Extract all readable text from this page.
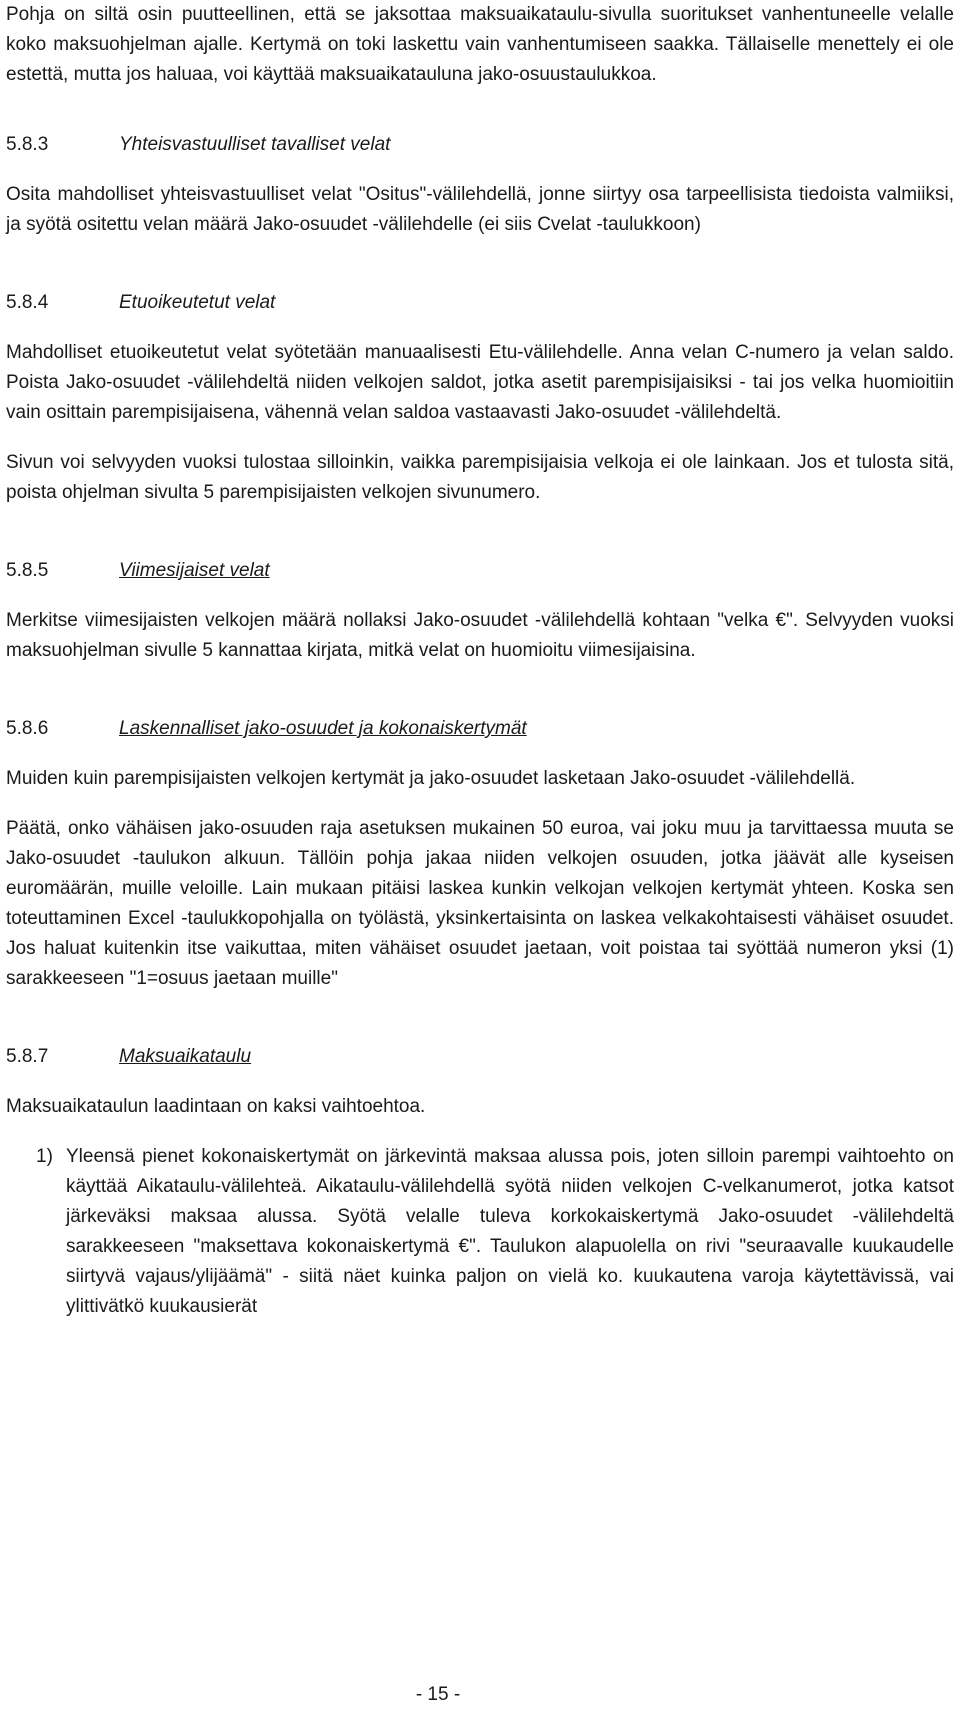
Pohja on siltä osin puutteellinen, että se jaksottaa maksuaikataulu-sivulla suoritukset vanhentuneelle velalle koko maksuohjelman ajalle. Kertymä on toki laskettu vain vanhentumiseen saakka. Tällaiselle menettely ei ole estettä, mutta jos haluaa, voi käyttää maksuaikatauluna jako-osuustaulukkoa.

5.8.3	Yhteisvastuulliset tavalliset velat

Osita mahdolliset yhteisvastuulliset velat "Ositus"-välilehdellä, jonne siirtyy osa tarpeellisista tiedoista valmiiksi, ja syötä ositettu velan määrä Jako-osuudet -välilehdelle (ei siis Cvelat -taulukkoon)

5.8.4	Etuoikeutetut velat

Mahdolliset etuoikeutetut velat syötetään manuaalisesti Etu-välilehdelle. Anna velan C-numero ja velan saldo. Poista Jako-osuudet -välilehdeltä niiden velkojen saldot, jotka asetit parempisijaisiksi - tai jos velka huomioitiin vain osittain parempisijaisena, vähennä velan saldoa vastaavasti Jako-osuudet -välilehdeltä.

Sivun voi selvyyden vuoksi tulostaa silloinkin, vaikka parempisijaisia velkoja ei ole lainkaan. Jos et tulosta sitä, poista ohjelman sivulta 5 parempisijaisten velkojen sivunumero.

5.8.5	Viimesijaiset velat

Merkitse viimesijaisten velkojen määrä nollaksi Jako-osuudet -välilehdellä kohtaan "velka €". Selvyyden vuoksi maksuohjelman sivulle 5 kannattaa kirjata, mitkä velat on huomioitu viimesijaisina.

5.8.6	Laskennalliset jako-osuudet ja kokonaiskertymät

Muiden kuin parempisijaisten velkojen kertymät ja jako-osuudet lasketaan Jako-osuudet -välilehdellä.

Päätä, onko vähäisen jako-osuuden raja asetuksen mukainen 50 euroa, vai joku muu ja tarvittaessa muuta se Jako-osuudet -taulukon alkuun. Tällöin pohja jakaa niiden velkojen osuuden, jotka jäävät alle kyseisen euromäärän, muille veloille. Lain mukaan pitäisi laskea kunkin velkojan velkojen kertymät yhteen. Koska sen toteuttaminen Excel -taulukkopohjalla on työlästä, yksinkertaisinta on laskea velkakohtaisesti vähäiset osuudet. Jos haluat kuitenkin itse vaikuttaa, miten vähäiset osuudet jaetaan, voit poistaa tai syöttää numeron yksi (1) sarakkeeseen "1=osuus jaetaan muille"

5.8.7	Maksuaikataulu

Maksuaikataulun laadintaan on kaksi vaihtoehtoa.

1) Yleensä pienet kokonaiskertymät on järkevintä maksaa alussa pois, joten silloin parempi vaihtoehto on käyttää Aikataulu-välilehteä. Aikataulu-välilehdellä syötä niiden velkojen C-velkanumerot, jotka katsot järkeväksi maksaa alussa. Syötä velalle tuleva korkokaiskertymä Jako-osuudet -välilehdeltä sarakkeeseen "maksettava kokonaiskertymä €". Taulukon alapuolella on rivi "seuraavalle kuukaudelle siirtyvä vajaus/ylijäämä" - siitä näet kuinka paljon on vielä ko. kuukautena varoja käytettävissä, vai ylittivätkö kuukausierät
- 15 -
